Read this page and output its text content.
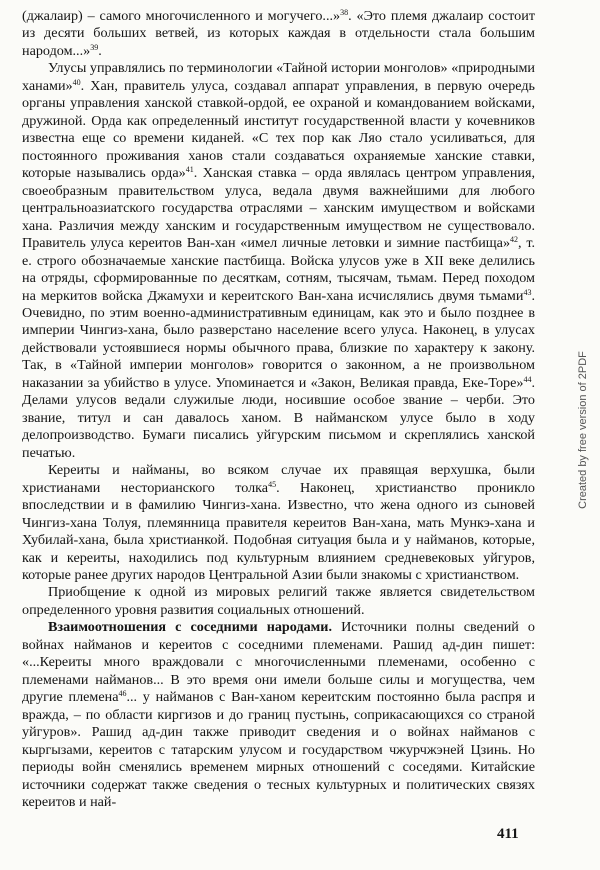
(джалаир) – самого многочисленного и могучего...»$^{38}$. «Это племя джалаир состоит из десяти больших ветвей, из которых каждая в отдельности стала большим народом...»$^{39}$.

Улусы управлялись по терминологии «Тайной истории монголов» «природными ханами»$^{40}$. Хан, правитель улуса, создавал аппарат управления, в первую очередь органы управления ханской ставкой-ордой, ее охраной и командованием войсками, дружиной. Орда как определенный институт государственной власти у кочевников известна еще со времени киданей. «С тех пор как Ляо стало усиливаться, для постоянного проживания ханов стали создаваться охраняемые ханские ставки, которые назывались орда»$^{41}$. Ханская ставка – орда являлась центром управления, своеобразным правительством улуса, ведала двумя важнейшими для любого центральноазиатского государства отраслями – ханским имуществом и войсками хана. Различия между ханским и государственным имуществом не существовало. Правитель улуса кереитов Ван-хан «имел личные летовки и зимние пастбища»$^{42}$, т. е. строго обозначаемые ханские пастбища. Войска улусов уже в XII веке делились на отряды, сформированные по десяткам, сотням, тысячам, тьмам. Перед походом на меркитов войска Джамухи и кереитского Ван-хана исчислялись двумя тьмами$^{43}$. Очевидно, по этим военно-административным единицам, как это и было позднее в империи Чингиз-хана, было разверстано население всего улуса. Наконец, в улусах действовали устоявшиеся нормы обычного права, близкие по характеру к закону. Так, в «Тайной империи монголов» говорится о законном, а не произвольном наказании за убийство в улусе. Упоминается и «Закон, Великая правда, Еке-Торе»$^{44}$. Делами улусов ведали служилые люди, носившие особое звание – черби. Это звание, титул и сан давалось ханом. В найманском улусе было в ходу делопроизводство. Бумаги писались уйгурским письмом и скреплялись ханской печатью.

Кереиты и найманы, во всяком случае их правящая верхушка, были христианами несторианского толка$^{45}$. Наконец, христианство проникло впоследствии и в фамилию Чингиз-хана. Известно, что жена одного из сыновей Чингиз-хана Толуя, племянница правителя кереитов Ван-хана, мать Мункэ-хана и Хубилай-хана, была христианкой. Подобная ситуация была и у найманов, которые, как и кереиты, находились под культурным влиянием средневековых уйгуров, которые ранее других народов Центральной Азии были знакомы с христианством.

Приобщение к одной из мировых религий также является свидетельством определенного уровня развития социальных отношений.

Взаимоотношения с соседними народами. Источники полны сведений о войнах найманов и кереитов с соседними племенами. Рашид ад-дин пишет: «...Кереиты много враждовали с многочисленными племенами, особенно с племенами найманов... В это время они имели больше силы и могущества, чем другие племена$^{46}$... у найманов с Ван-ханом кереитским постоянно была распря и вражда, – по области киргизов и до границ пустынь, соприкасающихся со страной уйгуров». Рашид ад-дин также приводит сведения и о войнах найманов с кыргызами, кереитов с татарским улусом и государством чжурчжэней Цзинь. Но периоды войн сменялись временем мирных отношений с соседями. Китайские источники содержат также сведения о тесных культурных и политических связях кереитов и най-

411
Created by free version of 2PDF
